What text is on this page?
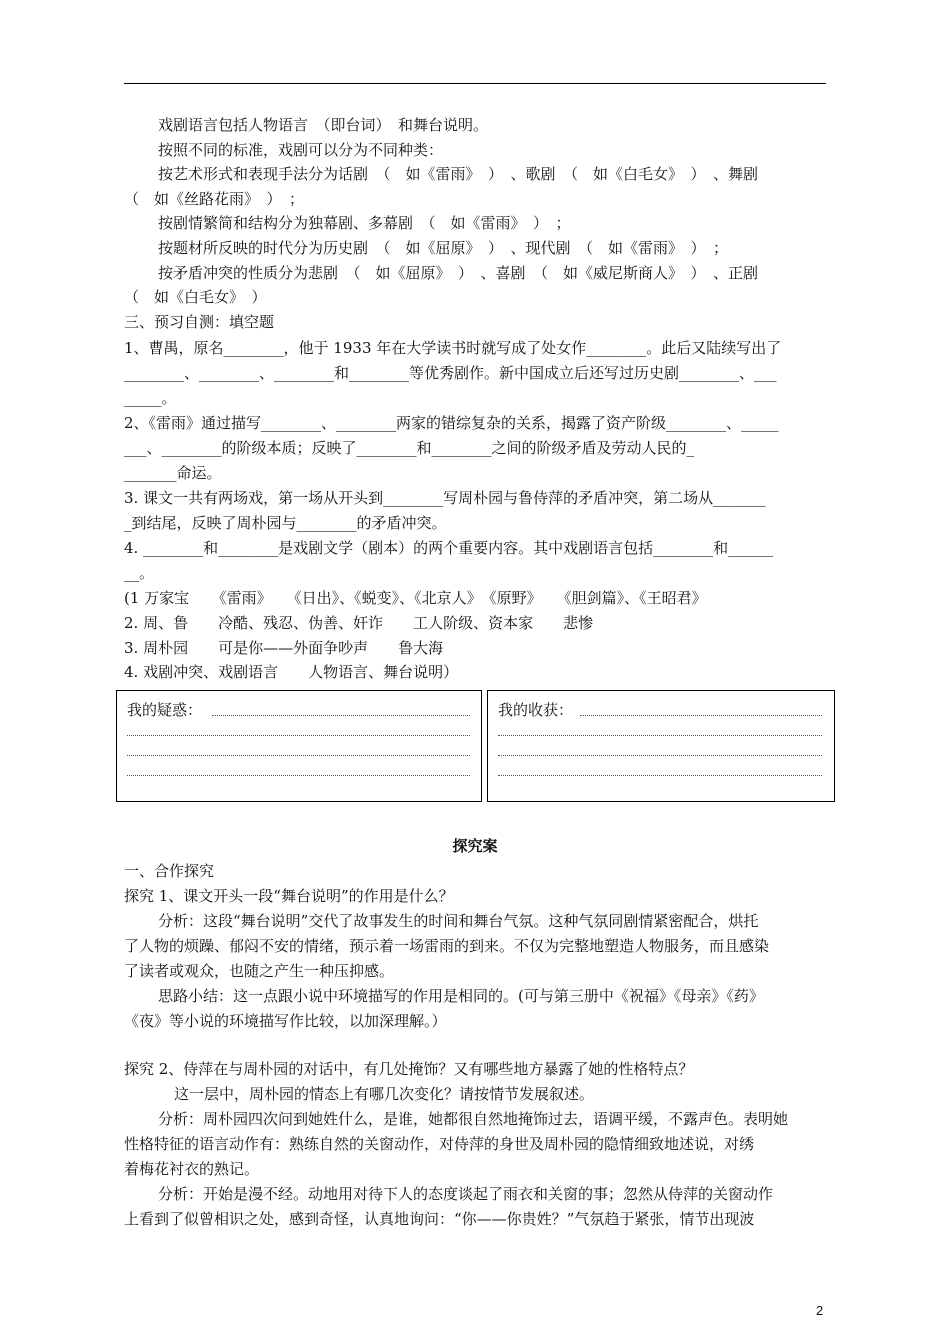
戏剧语言包括人物语言　（即台词）　和舞台说明。
按照不同的标准，戏剧可以分为不同种类：
按艺术形式和表现手法分为话剧　（　如《雷雨》　）　、歌剧　（　如《白毛女》　）　、舞剧
（　如《丝路花雨》　）　；
按剧情繁简和结构分为独幕剧、多幕剧　（　如《雷雨》　）　；
按题材所反映的时代分为历史剧　（　如《屈原》　）　、现代剧　（　如《雷雨》　）　；
按矛盾冲突的性质分为悲剧　（　如《屈原》　）　、喜剧　（　如《威尼斯商人》　）　、正剧
（　如《白毛女》　）
三、预习自测：填空题
1、曹禺，原名________，他于 1933 年在大学读书时就写成了处女作________。此后又陆续写出了
________、________、________和________等优秀剧作。新中国成立后还写过历史剧________、___
_____。
2、《雷雨》通过描写________、________两家的错综复杂的关系，揭露了资产阶级________、_____
___、________的阶级本质；反映了________和________之间的阶级矛盾及劳动人民的_
_______命运。
3. 课文一共有两场戏，第一场从开头到________写周朴园与鲁侍萍的矛盾冲突，第二场从_______
_到结尾，反映了周朴园与________的矛盾冲突。
4. ________和________是戏剧文学（剧本）的两个重要内容。其中戏剧语言包括________和______
__。
(1 万家宝　　《雷雨》　　《日出》、《蜕变》、《北京人》　《原野》　　《胆剑篇》、《王昭君》
2. 周、鲁　　冷酷、残忍、伪善、奸诈　　工人阶级、资本家　　悲惨
3. 周朴园　　可是你——外面争吵声　　鲁大海
4. 戏剧冲突、戏剧语言　　人物语言、舞台说明）
我的疑惑：	我的收获：
探究案
一、合作探究
探究 1、课文开头一段“舞台说明”的作用是什么？
分析：这段“舞台说明”交代了故事发生的时间和舞台气氛。这种气氛同剧情紧密配合，烘托
了人物的烦躁、郁闷不安的情绪，预示着一场雷雨的到来。不仅为完整地塑造人物服务，而且感染
了读者或观众，也随之产生一种压抑感。
思路小结：这一点跟小说中环境描写的作用是相同的。(可与第三册中《祝福》《母亲》《药》
《夜》等小说的环境描写作比较，以加深理解。）
探究 2、侍萍在与周朴园的对话中，有几处掩饰？又有哪些地方暴露了她的性格特点？
这一层中，周朴园的情态上有哪几次变化？请按情节发展叙述。
分析：周朴园四次问到她姓什么，是谁，她都很自然地掩饰过去，语调平缓，不露声色。表明她
性格特征的语言动作有：熟练自然的关窗动作，对侍萍的身世及周朴园的隐情细致地述说，对绣
着梅花衬衣的熟记。
分析：开始是漫不经。动地用对待下人的态度谈起了雨衣和关窗的事；忽然从侍萍的关窗动作
上看到了似曾相识之处，感到奇怪，认真地询问：“你——你贵姓？”气氛趋于紧张，情节出现波
2
